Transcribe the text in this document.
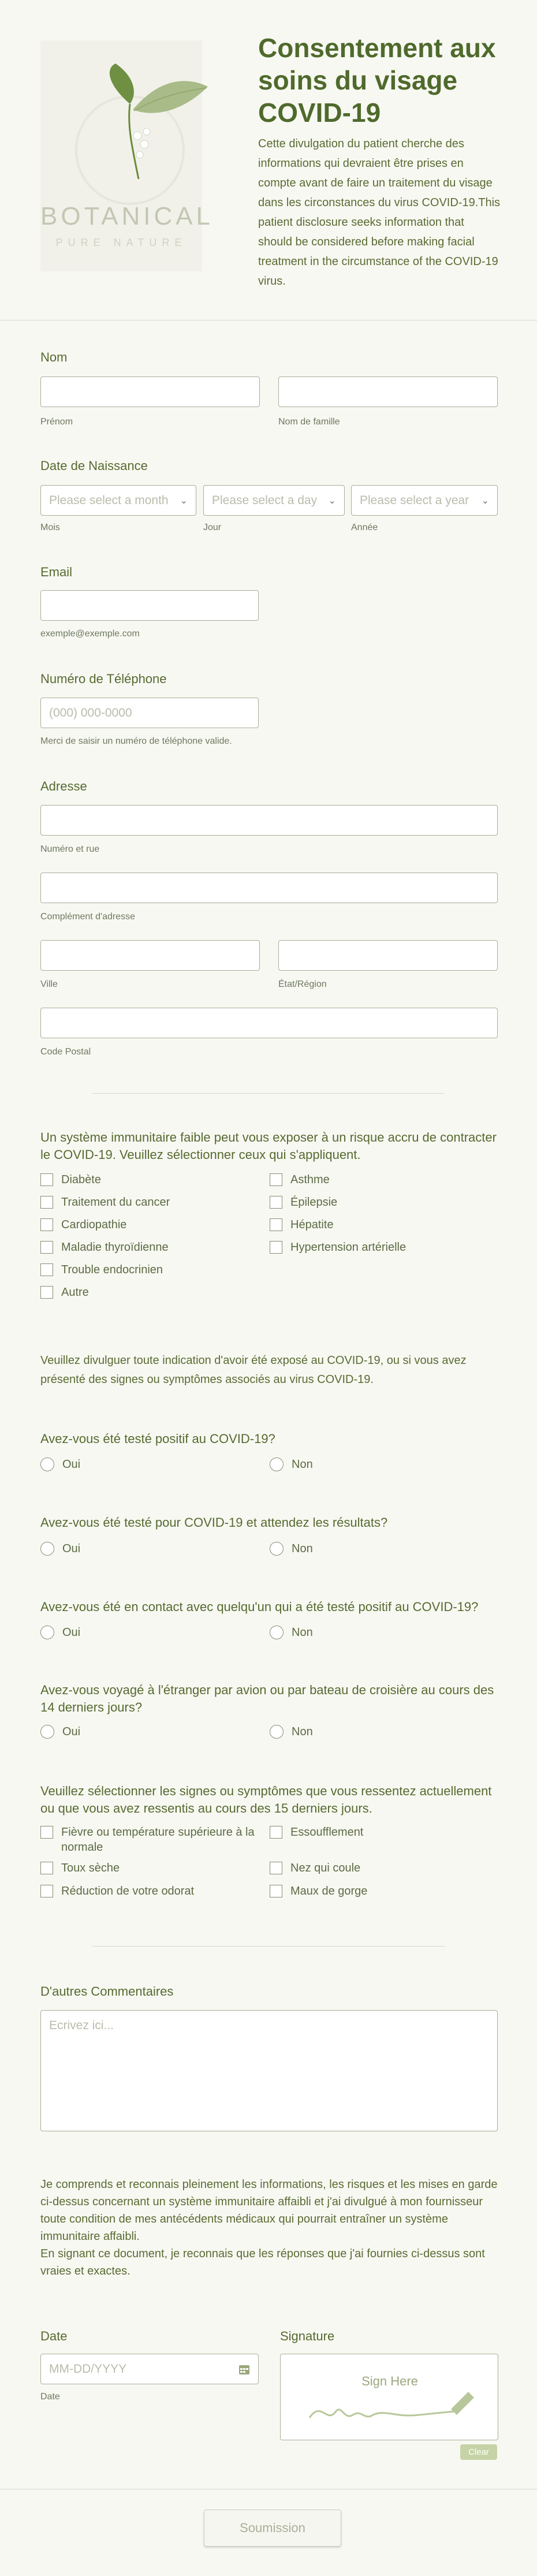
BOTANICAL
PURE NATURE
Consentement aux soins du visage COVID-19
Cette divulgation du patient cherche des informations qui devraient être prises en compte avant de faire un traitement du visage dans les circonstances du virus COVID-19.This patient disclosure seeks information that should be considered before making facial treatment in the circumstance of the COVID-19 virus.
Nom
Prénom	Nom de famille
Date de Naissance
Please select a month ⌄ Please select a day ⌄ Please select a year ⌄
Mois	Jour	Année
Email
exemple@exemple.com
Numéro de Téléphone
(000) 000-0000
Merci de saisir un numéro de téléphone valide.
Adresse
Numéro et rue
Complément d'adresse
Ville	État/Région
Code Postal
Un système immunitaire faible peut vous exposer à un risque accru de contracter le COVID-19. Veuillez sélectionner ceux qui s'appliquent.
Diabète
Traitement du cancer
Cardiopathie
Maladie thyroïdienne
Trouble endocrinien
Autre
Asthme
Épilepsie
Hépatite
Hypertension artérielle
Veuillez divulguer toute indication d'avoir été exposé au COVID-19, ou si vous avez présenté des signes ou symptômes associés au virus COVID-19.
Avez-vous été testé positif au COVID-19?
Oui	Non
Avez-vous été testé pour COVID-19 et attendez les résultats?
Oui	Non
Avez-vous été en contact avec quelqu'un qui a été testé positif au COVID-19?
Oui	Non
Avez-vous voyagé à l'étranger par avion ou par bateau de croisière au cours des 14 derniers jours?
Oui	Non
Veuillez sélectionner les signes ou symptômes que vous ressentez actuellement ou que vous avez ressentis au cours des 15 derniers jours.
Fièvre ou température supérieure à la normale
Toux sèche
Réduction de votre odorat
Essoufflement
Nez qui coule
Maux de gorge
D'autres Commentaires
Ecrivez ici...
Je comprends et reconnais pleinement les informations, les risques et les mises en garde ci-dessus concernant un système immunitaire affaibli et j'ai divulgué à mon fournisseur toute condition de mes antécédents médicaux qui pourrait entraîner un système immunitaire affaibli.
En signant ce document, je reconnais que les réponses que j'ai fournies ci-dessus sont vraies et exactes.
Date
MM-DD/YYYY
Date
Signature
Sign Here
Clear
Soumission
